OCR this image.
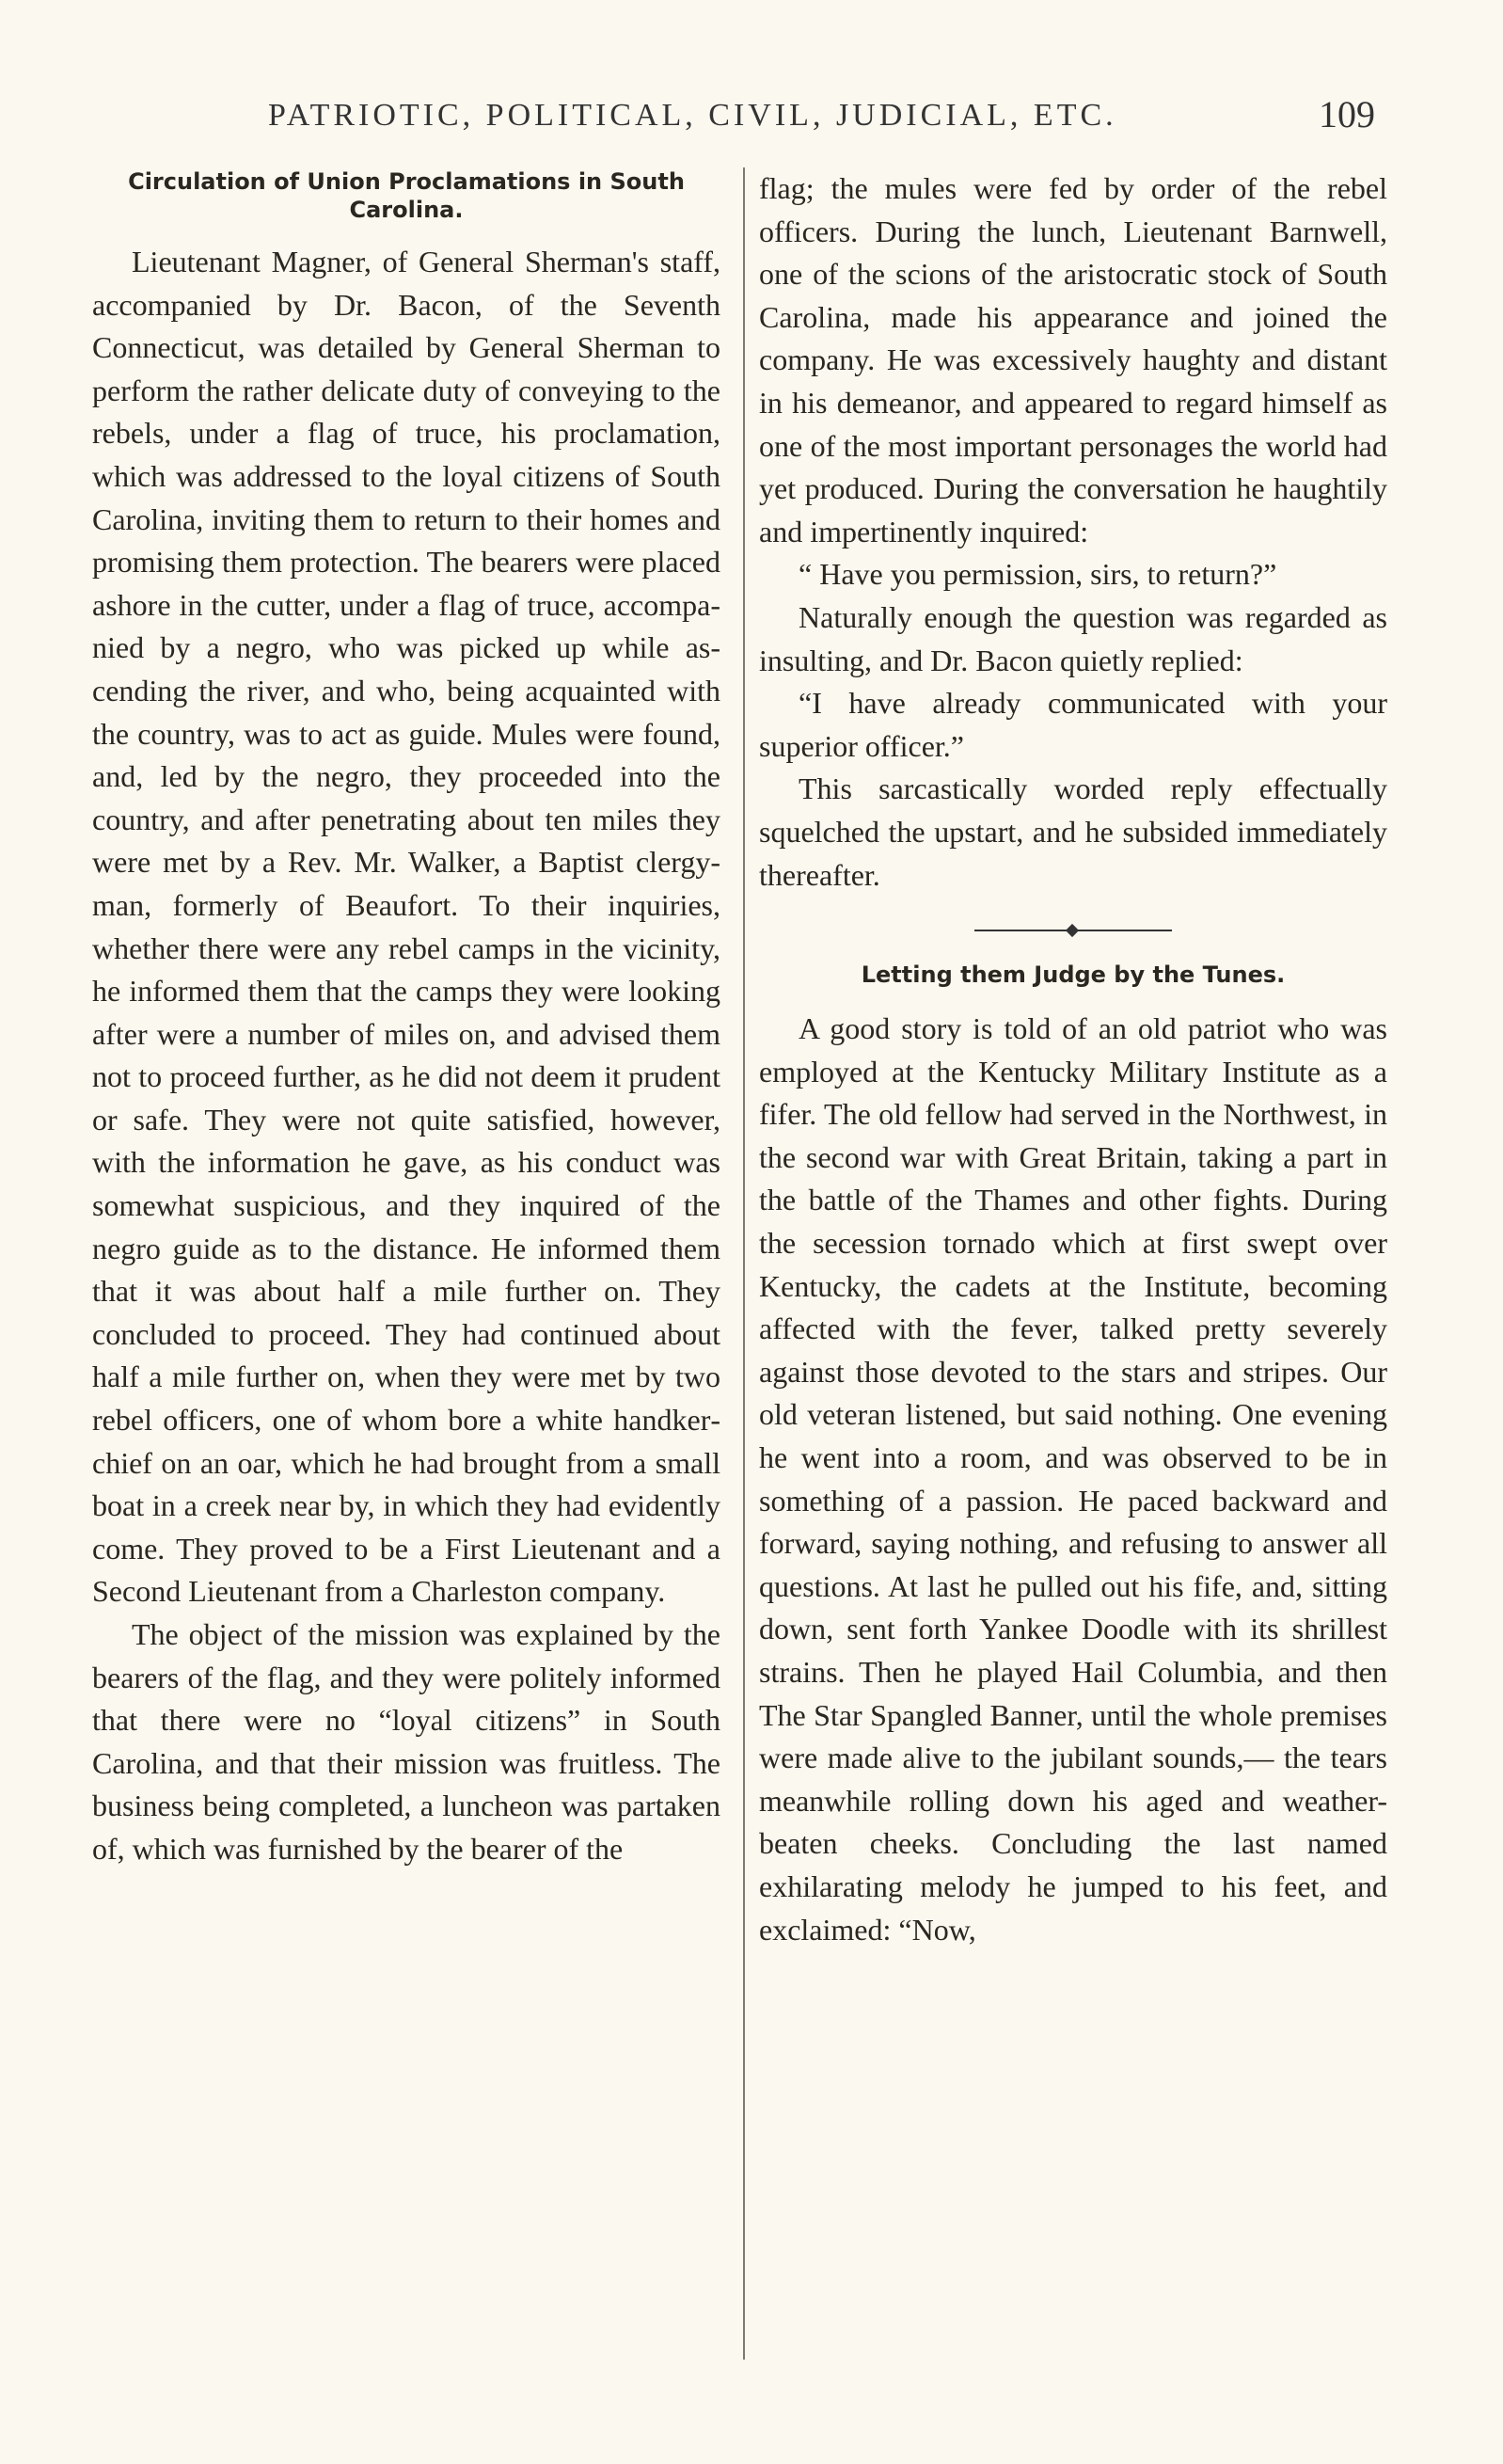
PATRIOTIC, POLITICAL, CIVIL, JUDICIAL, ETC.	109
Circulation of Union Proclamations in South Carolina.

Lieutenant Magner, of General Sherman's staff, accompanied by Dr. Bacon, of the Seventh Connecticut, was detailed by General Sherman to perform the rather delicate duty of conveying to the rebels, under a flag of truce, his proclamation, which was addressed to the loyal citizens of South Carolina, inviting them to return to their homes and promising them protection. The bearers were placed ashore in the cutter, under a flag of truce, accompanied by a negro, who was picked up while ascending the river, and who, being acquainted with the country, was to act as guide. Mules were found, and, led by the negro, they proceeded into the country, and after penetrating about ten miles they were met by a Rev. Mr. Walker, a Baptist clergyman, formerly of Beaufort. To their inquiries, whether there were any rebel camps in the vicinity, he informed them that the camps they were looking after were a number of miles on, and advised them not to proceed further, as he did not deem it prudent or safe. They were not quite satisfied, however, with the information he gave, as his conduct was somewhat suspicious, and they inquired of the negro guide as to the distance. He informed them that it was about half a mile further on. They concluded to proceed. They had continued about half a mile further on, when they were met by two rebel officers, one of whom bore a white handkerchief on an oar, which he had brought from a small boat in a creek near by, in which they had evidently come. They proved to be a First Lieutenant and a Second Lieutenant from a Charleston company.

The object of the mission was explained by the bearers of the flag, and they were politely informed that there were no “loyal citizens” in South Carolina, and that their mission was fruitless. The business being completed, a luncheon was partaken of, which was furnished by the bearer of the

flag; the mules were fed by order of the rebel officers. During the lunch, Lieutenant Barnwell, one of the scions of the aristocratic stock of South Carolina, made his appearance and joined the company. He was excessively haughty and distant in his demeanor, and appeared to regard himself as one of the most important personages the world had yet produced. During the conversation he haughtily and impertinently inquired:

“ Have you permission, sirs, to return?”

Naturally enough the question was regarded as insulting, and Dr. Bacon quietly replied:

“I have already communicated with your superior officer.”

This sarcastically worded reply effectually squelched the upstart, and he subsided immediately thereafter.

Letting them Judge by the Tunes.

A good story is told of an old patriot who was employed at the Kentucky Military Institute as a fifer. The old fellow had served in the Northwest, in the second war with Great Britain, taking a part in the battle of the Thames and other fights. During the secession tornado which at first swept over Kentucky, the cadets at the Institute, becoming affected with the fever, talked pretty severely against those devoted to the stars and stripes. Our old veteran listened, but said nothing. One evening he went into a room, and was observed to be in something of a passion. He paced backward and forward, saying nothing, and refusing to answer all questions. At last he pulled out his fife, and, sitting down, sent forth Yankee Doodle with its shrillest strains. Then he played Hail Columbia, and then The Star Spangled Banner, until the whole premises were made alive to the jubilant sounds,— the tears meanwhile rolling down his aged and weather-beaten cheeks. Concluding the last named exhilarating melody he jumped to his feet, and exclaimed: “Now,
